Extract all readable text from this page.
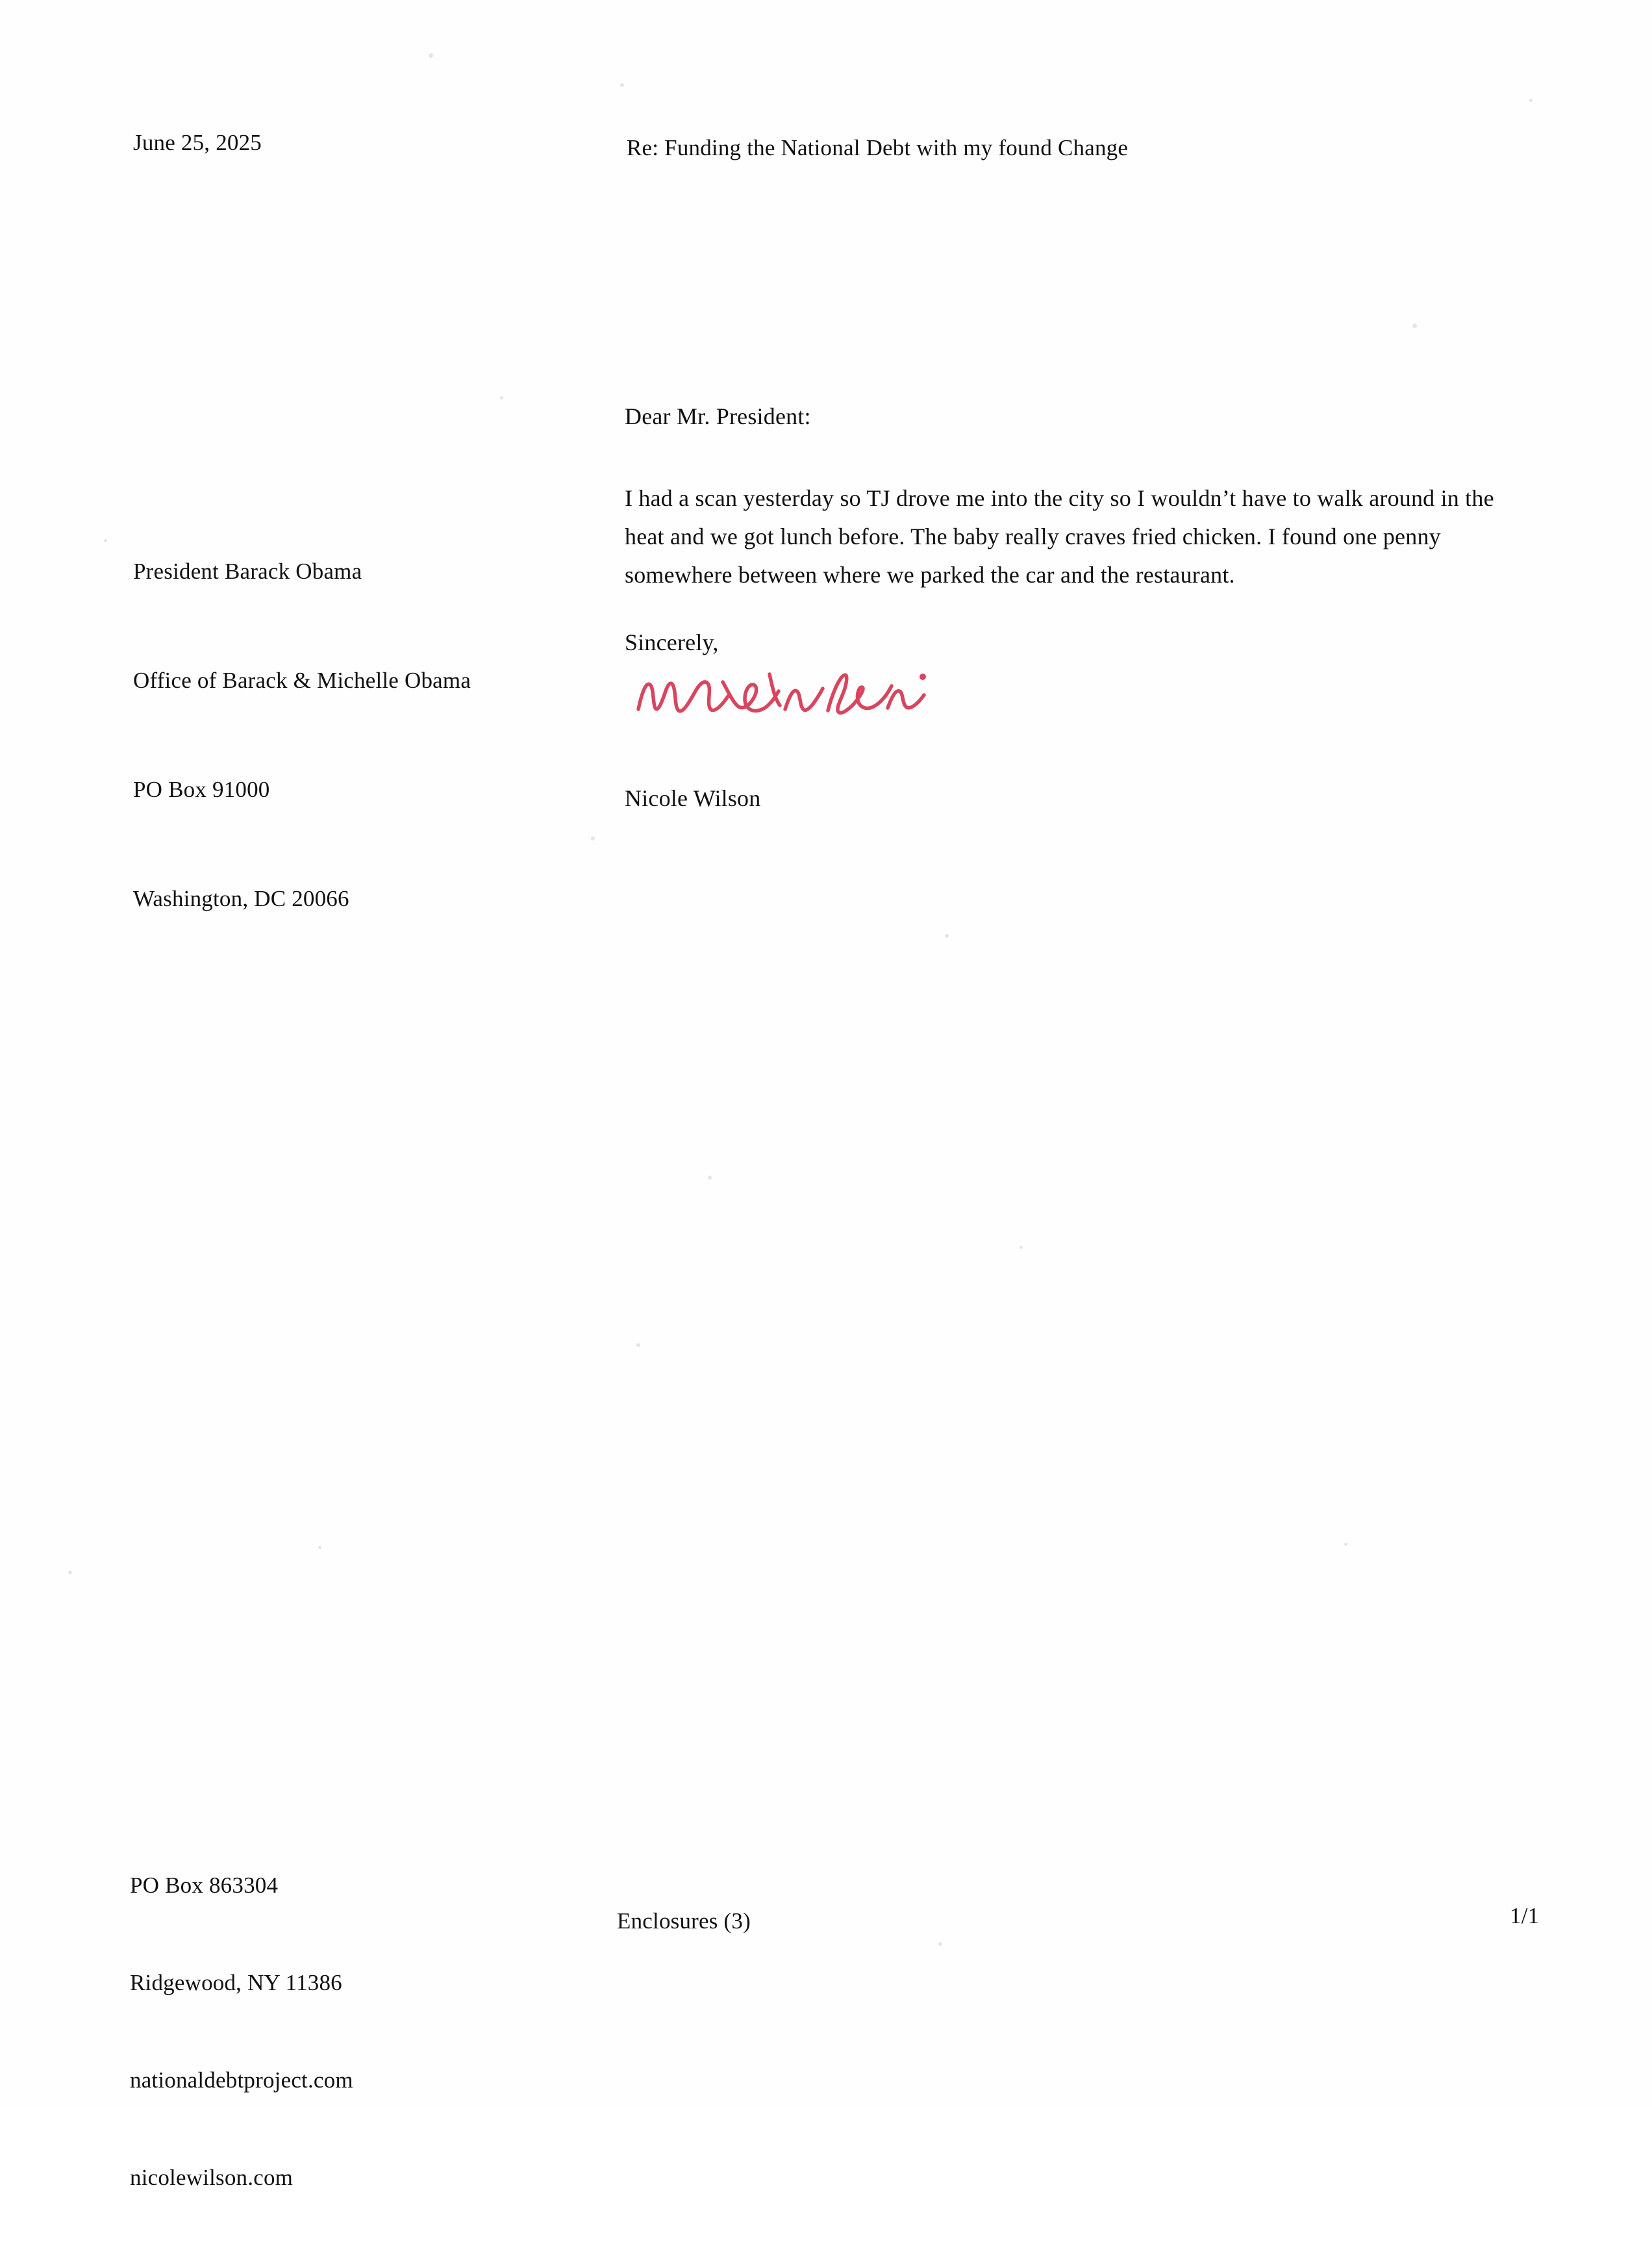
June 25, 2025	Re: Funding the National Debt with my found Change

President Barack Obama

Office of Barack & Michelle Obama

PO Box 91000

Washington, DC 20066

Dear Mr. President:
I had a scan yesterday so TJ drove me into the city so I wouldn’t have to walk around in the heat and we got lunch before. The baby really craves fried chicken. I found one penny somewhere between where we parked the car and the restaurant.
Sincerely,
Nicole Wilson

PO Box 863304

Ridgewood, NY 11386

nationaldebtproject.com

nicolewilson.com

Enclosures (3)	1/1
